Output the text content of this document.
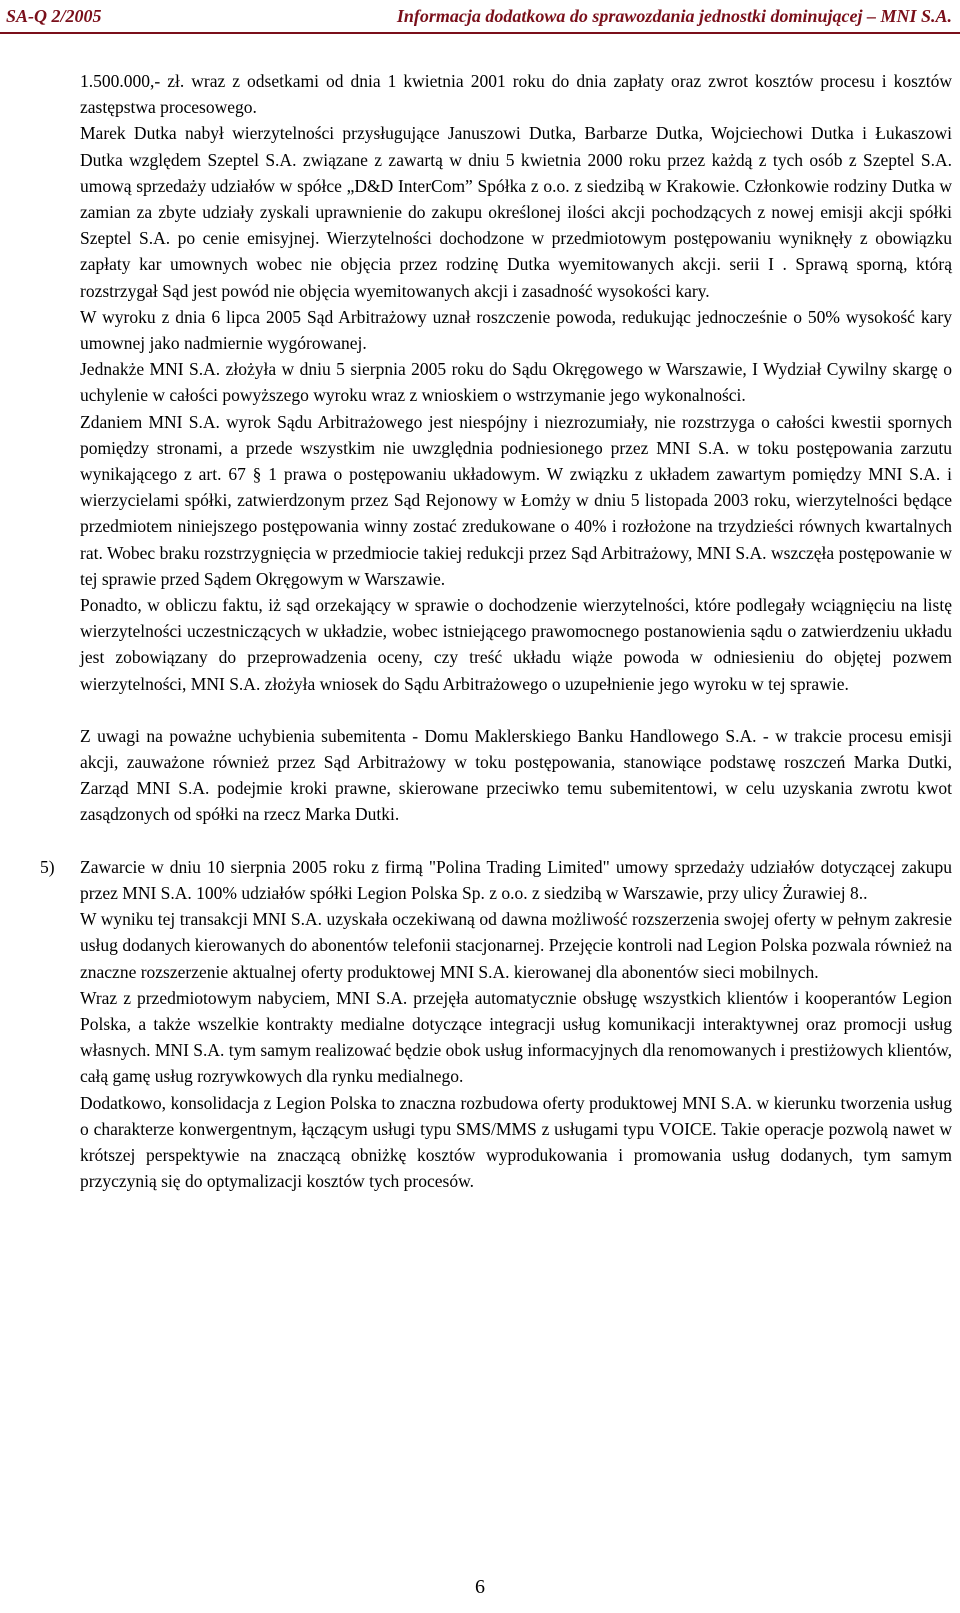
SA-Q 2/2005	Informacja dodatkowa do sprawozdania jednostki dominującej – MNI S.A.

1.500.000,- zł. wraz z odsetkami od dnia 1 kwietnia 2001 roku do dnia zapłaty oraz zwrot kosztów procesu i kosztów zastępstwa procesowego.

Marek Dutka nabył wierzytelności przysługujące Januszowi Dutka, Barbarze Dutka, Wojciechowi Dutka i Łukaszowi Dutka względem Szeptel S.A. związane z zawartą w dniu 5 kwietnia 2000 roku przez każdą z tych osób z Szeptel S.A. umową sprzedaży udziałów w spółce „D&D InterCom” Spółka z o.o. z siedzibą w Krakowie. Członkowie rodziny Dutka w zamian za zbyte udziały zyskali uprawnienie do zakupu określonej ilości akcji pochodzących z nowej emisji akcji spółki Szeptel S.A. po cenie emisyjnej. Wierzytelności dochodzone w przedmiotowym postępowaniu wyniknęły z obowiązku zapłaty kar umownych wobec nie objęcia przez rodzinę Dutka wyemitowanych akcji. serii I . Sprawą sporną, którą rozstrzygał Sąd jest powód nie objęcia wyemitowanych akcji i zasadność wysokości kary.

W wyroku z dnia 6 lipca 2005 Sąd Arbitrażowy uznał roszczenie powoda, redukując jednocześnie o 50% wysokość kary umownej jako nadmiernie wygórowanej.

Jednakże MNI S.A. złożyła w dniu 5 sierpnia 2005 roku do Sądu Okręgowego w Warszawie, I Wydział Cywilny skargę o uchylenie w całości powyższego wyroku wraz z wnioskiem o wstrzymanie jego wykonalności.

Zdaniem MNI S.A. wyrok Sądu Arbitrażowego jest niespójny i niezrozumiały, nie rozstrzyga o całości kwestii spornych pomiędzy stronami, a przede wszystkim nie uwzględnia podniesionego przez MNI S.A. w toku postępowania zarzutu wynikającego z art. 67 § 1 prawa o postępowaniu układowym. W związku z układem zawartym pomiędzy MNI S.A. i wierzycielami spółki, zatwierdzonym przez Sąd Rejonowy w Łomży w dniu 5 listopada 2003 roku, wierzytelności będące przedmiotem niniejszego postępowania winny zostać zredukowane o 40% i rozłożone na trzydzieści równych kwartalnych rat. Wobec braku rozstrzygnięcia w przedmiocie takiej redukcji przez Sąd Arbitrażowy, MNI S.A. wszczęła postępowanie w tej sprawie przed Sądem Okręgowym w Warszawie.

Ponadto, w obliczu faktu, iż sąd orzekający w sprawie o dochodzenie wierzytelności, które podlegały wciągnięciu na listę wierzytelności uczestniczących w układzie, wobec istniejącego prawomocnego postanowienia sądu o zatwierdzeniu układu jest zobowiązany do przeprowadzenia oceny, czy treść układu wiąże powoda w odniesieniu do objętej pozwem wierzytelności, MNI S.A. złożyła wniosek do Sądu Arbitrażowego o uzupełnienie jego wyroku w tej sprawie.

Z uwagi na poważne uchybienia subemitenta - Domu Maklerskiego Banku Handlowego S.A. - w trakcie procesu emisji akcji, zauważone również przez Sąd Arbitrażowy w toku postępowania, stanowiące podstawę roszczeń Marka Dutki, Zarząd MNI S.A. podejmie kroki prawne, skierowane przeciwko temu subemitentowi, w celu uzyskania zwrotu kwot zasądzonych od spółki na rzecz Marka Dutki.

5) Zawarcie w dniu 10 sierpnia 2005 roku z firmą "Polina Trading Limited" umowy sprzedaży udziałów dotyczącej zakupu przez MNI S.A. 100% udziałów spółki Legion Polska Sp. z o.o. z siedzibą w Warszawie, przy ulicy Żurawiej 8..

W wyniku tej transakcji MNI S.A. uzyskała oczekiwaną od dawna możliwość rozszerzenia swojej oferty w pełnym zakresie usług dodanych kierowanych do abonentów telefonii stacjonarnej. Przejęcie kontroli nad Legion Polska pozwala również na znaczne rozszerzenie aktualnej oferty produktowej MNI S.A. kierowanej dla abonentów sieci mobilnych.

Wraz z przedmiotowym nabyciem, MNI S.A. przejęła automatycznie obsługę wszystkich klientów i kooperantów Legion Polska, a także wszelkie kontrakty medialne dotyczące integracji usług komunikacji interaktywnej oraz promocji usług własnych. MNI S.A. tym samym realizować będzie obok usług informacyjnych dla renomowanych i prestiżowych klientów, całą gamę usług rozrywkowych dla rynku medialnego.

Dodatkowo, konsolidacja z Legion Polska to znaczna rozbudowa oferty produktowej MNI S.A. w kierunku tworzenia usług o charakterze konwergentnym, łączącym usługi typu SMS/MMS z usługami typu VOICE. Takie operacje pozwolą nawet w krótszej perspektywie na znaczącą obniżkę kosztów wyprodukowania i promowania usług dodanych, tym samym przyczynią się do optymalizacji kosztów tych procesów.

6
